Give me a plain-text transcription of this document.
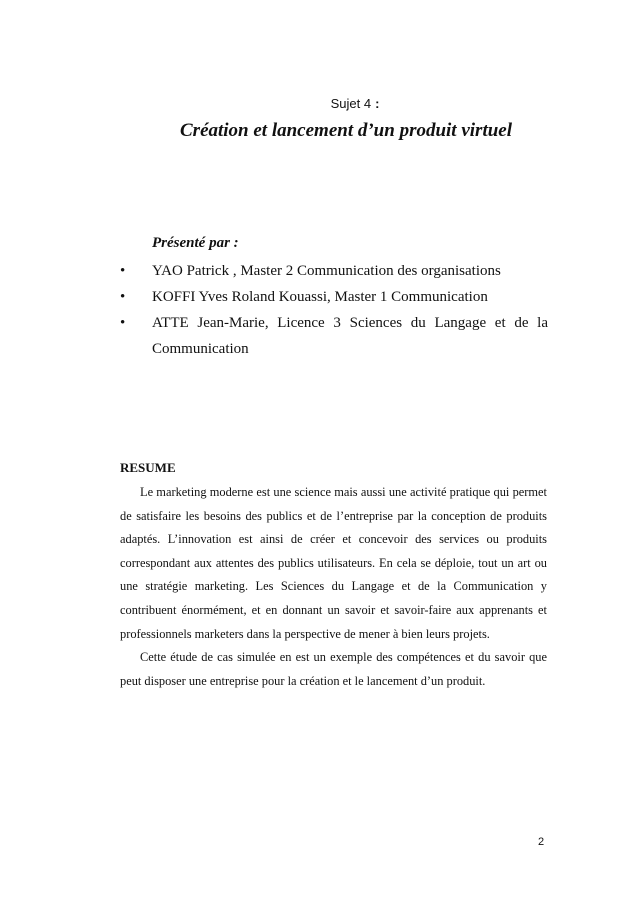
Sujet 4 :
Création et lancement d’un produit virtuel
Présenté par :
• YAO Patrick , Master 2 Communication des organisations
• KOFFI Yves Roland Kouassi, Master 1 Communication
• ATTE Jean-Marie, Licence 3 Sciences du Langage et de la Communication
RESUME

Le marketing moderne est une science mais aussi une activité pratique qui permet de satisfaire les besoins des publics et de l’entreprise par la conception de produits adaptés. L’innovation est ainsi de créer et concevoir des services ou produits correspondant aux attentes des publics utilisateurs. En cela se déploie, tout un art ou une stratégie marketing. Les Sciences du Langage et de la Communication y contribuent énormément, et en donnant un savoir et savoir-faire aux apprenants et professionnels marketers dans la perspective de mener à bien leurs projets.

Cette étude de cas simulée en est un exemple des compétences et du savoir que peut disposer une entreprise pour la création et le lancement d’un produit.

2
